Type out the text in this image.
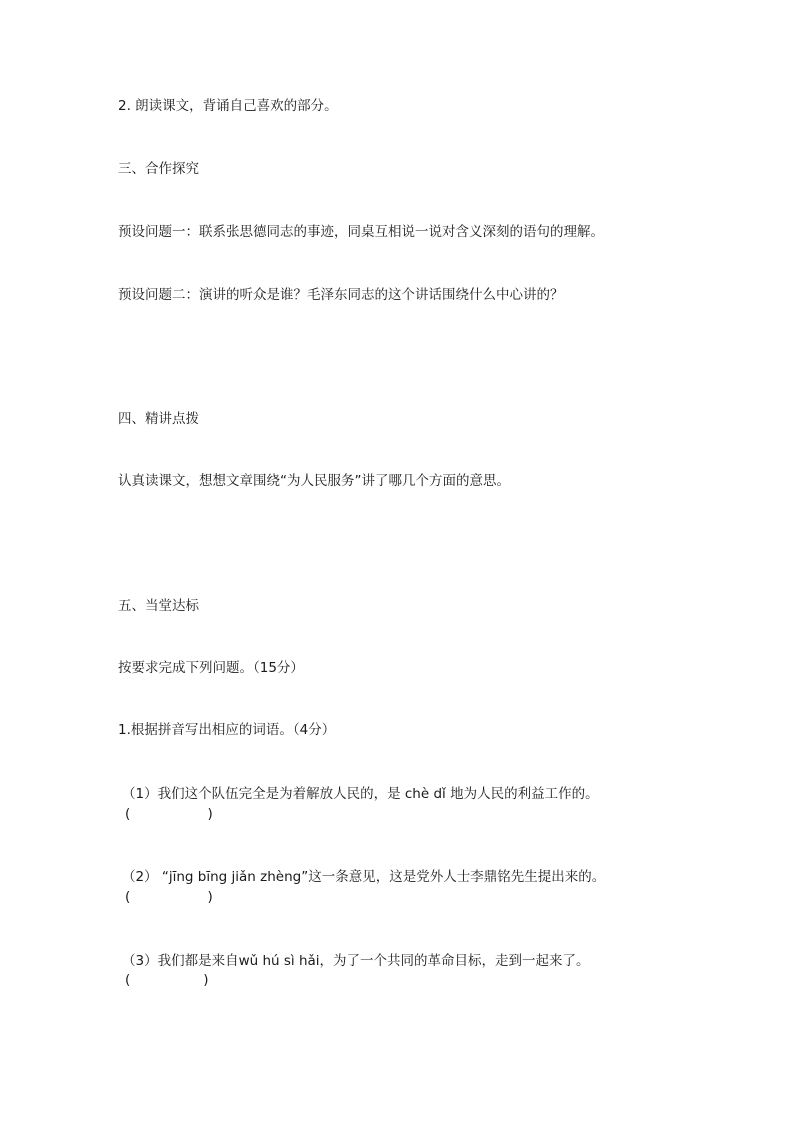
2. 朗读课文，背诵自己喜欢的部分。
三、合作探究
预设问题一：联系张思德同志的事迹，同桌互相说一说对含义深刻的语句的理解。
预设问题二：演讲的听众是谁？毛泽东同志的这个讲话围绕什么中心讲的？
四、精讲点拨
认真读课文，想想文章围绕“为人民服务”讲了哪几个方面的意思。
五、当堂达标
按要求完成下列问题。（15分）
1.根据拼音写出相应的词语。（4分）
（1）我们这个队伍完全是为着解放人民的，是 chè dǐ 地为人民的利益工作的。
(                  )
（2） “jīng bīng jiǎn zhèng”这一条意见，这是党外人士李鼎铭先生提出来的。
(                  )
（3）我们都是来自wǔ hú sì hǎi，为了一个共同的革命目标，走到一起来了。
(                 )
